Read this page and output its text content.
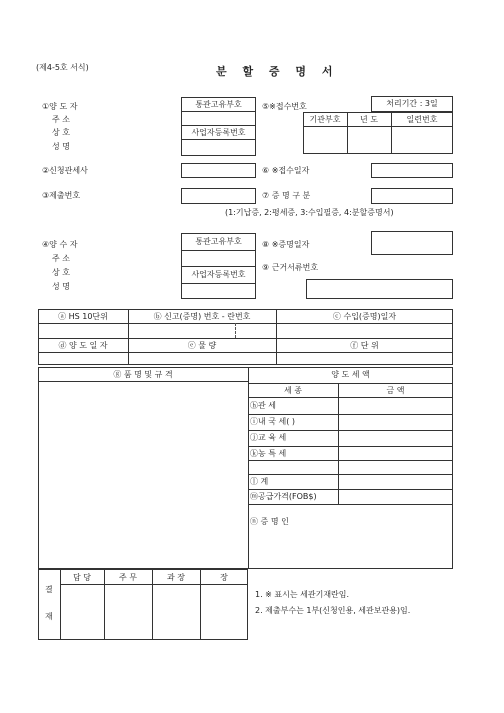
(제4-5호 서식)	분 할 증 명 서
①양 도 자
주 소
상 호
성 명
통관고유부호
사업자등록번호
⑤※접수번호	처리기간 : 3일
기관부호	년 도	일련번호
②신청관세사	⑥ ※접수일자
③제출번호	⑦ 증 명 구 분
(1:기납증, 2:평세증, 3:수입필증, 4:분할증명서)
④양 수 자
주 소
상 호
성 명
통관고유부호
사업자등록번호
⑧ ※증명일자
⑨ 근거서류번호
ⓐ HS 10단위	ⓑ 신고(증명) 번호 - 란번호	ⓒ 수입(증명)일자
ⓓ 양 도 일 자	ⓔ 물 량	ⓕ 단 위
ⓖ 품 명 및 규 격	양 도 세 액
세 종	금 액
ⓗ관 세
ⓘ내 국 세( )
ⓙ교 육 세
ⓚ농 특 세
ⓛ 계
ⓜ공급가격(FOB$)
ⓝ 증 명 인
결
재
담 당	주 무	과 장	장
1. ※ 표시는 세관기재란임.
2. 제출부수는 1부(신청인용, 세관보관용)임.
